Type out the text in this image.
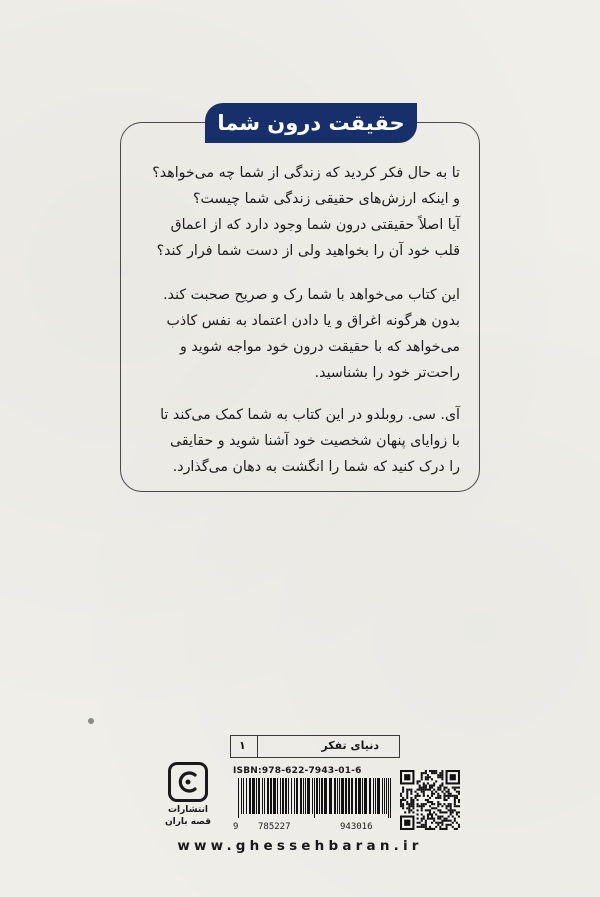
حقیقت درون شما
تا به حال فکر کردید که زندگی از شما چه می‌خواهد؟
و اینکه ارزش‌های حقیقی زندگی شما چیست؟
آیا اصلاً حقیقتی درون شما وجود دارد که از اعماق
قلب خود آن را بخواهید ولی از دست شما فرار کند؟
این کتاب می‌خواهد با شما رک و صریح صحبت کند.
بدون هرگونه اغراق و یا دادن اعتماد به نفس کاذب
می‌خواهد که با حقیقت درون خود مواجه شوید و
راحت‌تر خود را بشناسید.
آی. سی. روبلدو در این کتاب به شما کمک می‌کند تا
با زوایای پنهان شخصیت خود آشنا شوید و حقایقی
را درک کنید که شما را انگشت به دهان می‌گذارد.
دنیای تفکر
۱
ISBN:978-622-7943-01-6
9 785227	943016
انتشارات
قصه باران
www.ghessehbaran.ir
